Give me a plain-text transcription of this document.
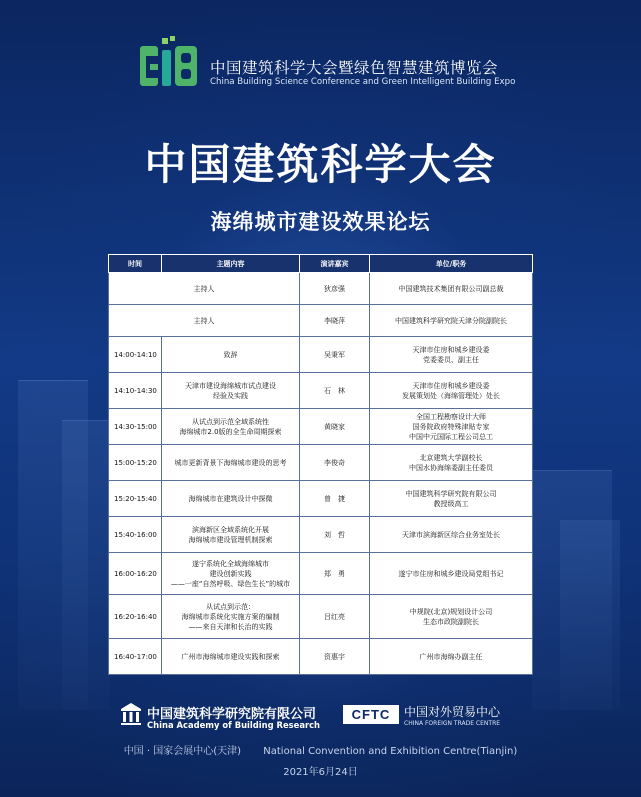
中国建筑科学大会暨绿色智慧建筑博览会
China Building Science Conference and Green Intelligent Building Expo
中国建筑科学大会
海绵城市建设效果论坛
时间	主题内容	演讲嘉宾	单位/职务
主持人		狄彦强	中国建筑技术集团有限公司副总裁
主持人		李晓萍	中国建筑科学研究院天津分院副院长
14:00-14:10	致辞	吴秉军	天津市住房和城乡建设委
党委委员、副主任
14:10-14:30	天津市建设海绵城市试点建设
经验及实践	石　林	天津市住房和城乡建设委
发展策划处（海绵管理处）处长
14:30-15:00	从试点到示范全域系统性
海绵城市2.0版的全生命周期探索	黄晓家	全国工程勘察设计大师
国务院政府特殊津贴专家
中国中元国际工程公司总工
15:00-15:20	城市更新背景下海绵城市建设的思考	李俊奇	北京建筑大学副校长
中国水协海绵委副主任委员
15:20-15:40	海绵城市在建筑设计中探微	曾　捷	中国建筑科学研究院有限公司
教授级高工
15:40-16:00	滨海新区全域系统化开展
海绵城市建设管理机制探索	刘　哲	天津市滨海新区综合业务室处长
16:00-16:20	遂宁系统化全域海绵城市
建设创新实践
——一座“自然呼吸、绿色生长”的城市	郑　勇	遂宁市住房和城乡建设局党组书记
16:20-16:40	从试点到示范：
海绵城市系统化实施方案的编制
——来自天津和长治的实践	吕红亮	中规院(北京)规划设计公司
生态市政院副院长
16:40-17:00	广州市海绵城市建设实践和探索	资惠宇	广州市海绵办副主任
中国建筑科学研究院有限公司
China Academy of Building Research
CFTC	中国对外贸易中心
CHINA FOREIGN TRADE CENTRE
中国 · 国家会展中心(天津)       National Convention and Exhibition Centre(Tianjin)
2021年6月24日
